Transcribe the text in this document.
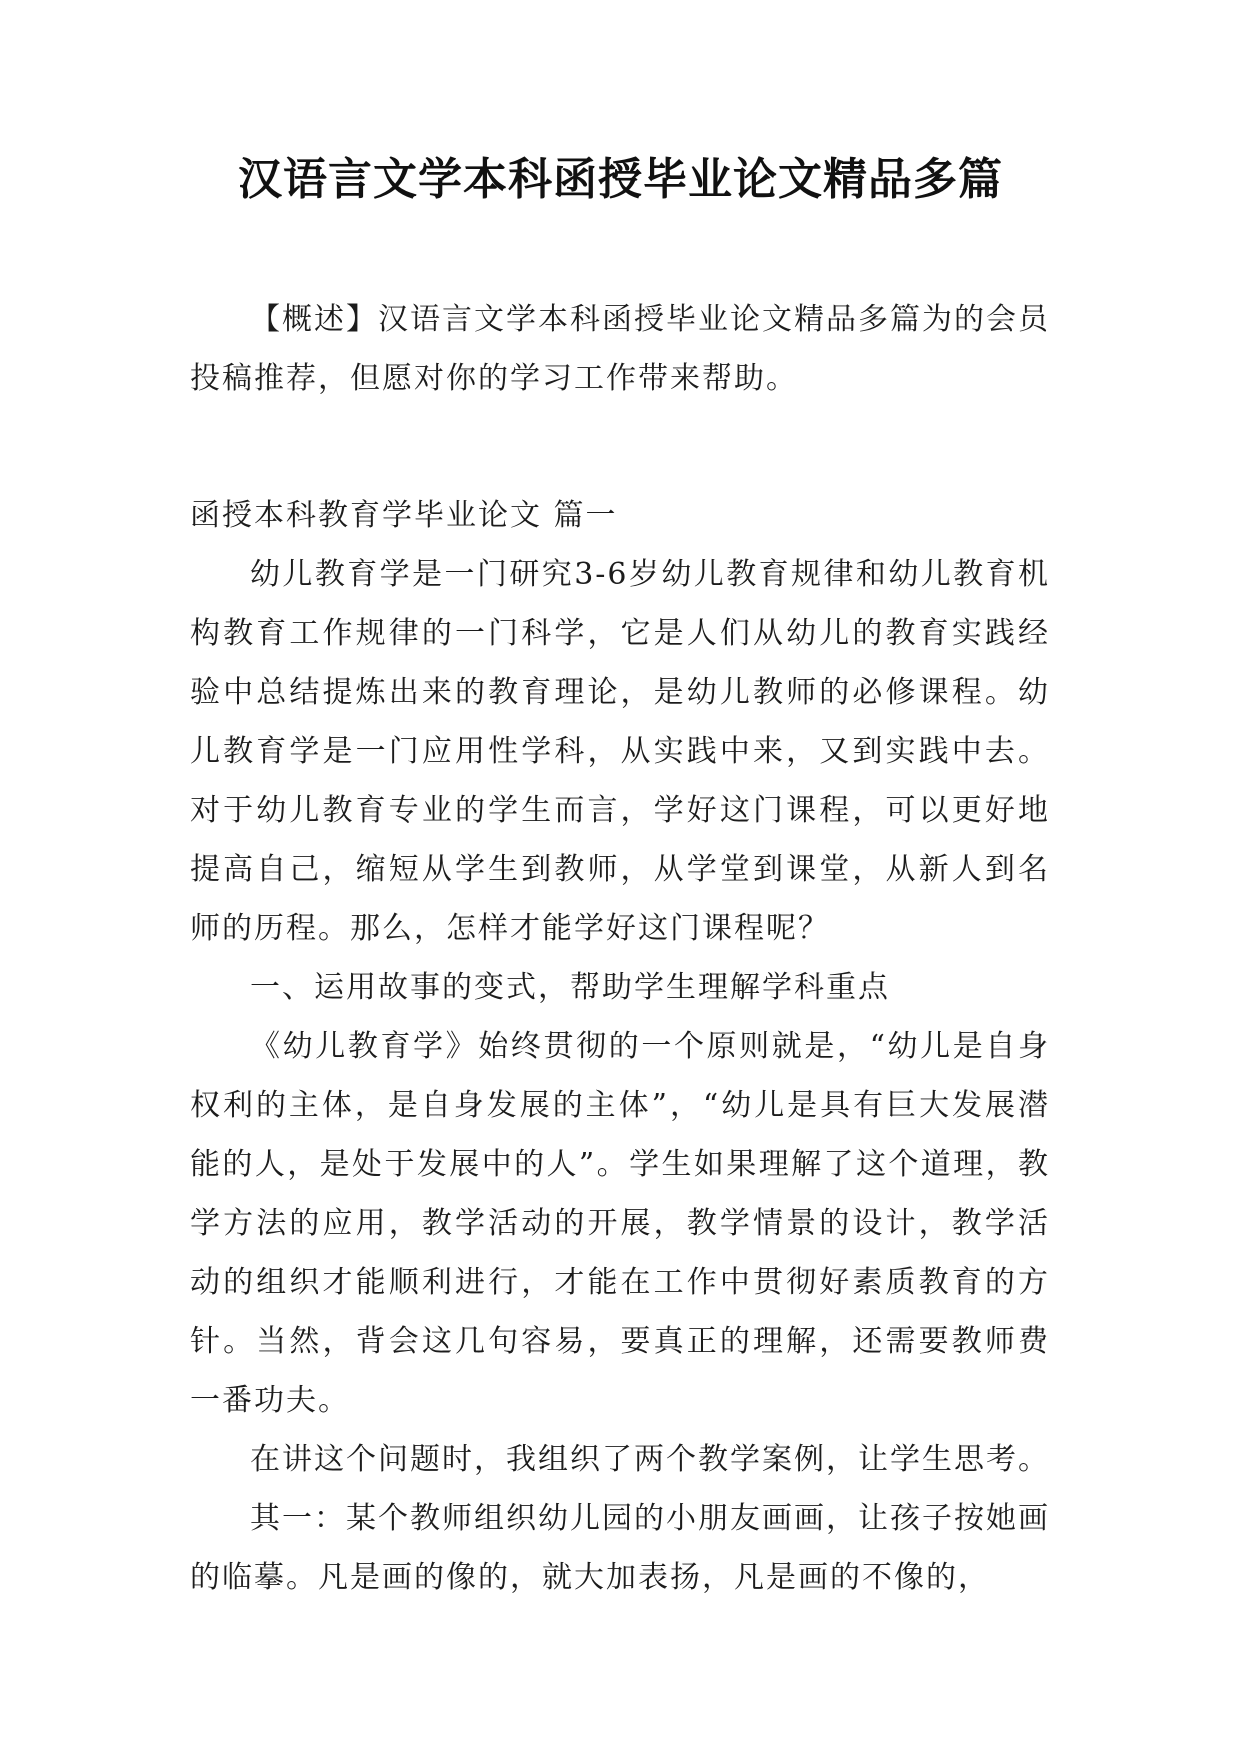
汉语言文学本科函授毕业论文精品多篇

【概述】汉语言文学本科函授毕业论文精品多篇为的会员投稿推荐，但愿对你的学习工作带来帮助。

函授本科教育学毕业论文 篇一

幼儿教育学是一门研究3-6岁幼儿教育规律和幼儿教育机构教育工作规律的一门科学，它是人们从幼儿的教育实践经验中总结提炼出来的教育理论，是幼儿教师的必修课程。幼儿教育学是一门应用性学科，从实践中来，又到实践中去。对于幼儿教育专业的学生而言，学好这门课程，可以更好地提高自己，缩短从学生到教师，从学堂到课堂，从新人到名师的历程。那么，怎样才能学好这门课程呢？

一、运用故事的变式，帮助学生理解学科重点

《幼儿教育学》始终贯彻的一个原则就是，“幼儿是自身权利的主体，是自身发展的主体”，“幼儿是具有巨大发展潜能的人，是处于发展中的人”。学生如果理解了这个道理，教学方法的应用，教学活动的开展，教学情景的设计，教学活动的组织才能顺利进行，才能在工作中贯彻好素质教育的方针。当然，背会这几句容易，要真正的理解，还需要教师费一番功夫。

在讲这个问题时，我组织了两个教学案例，让学生思考。

其一：某个教师组织幼儿园的小朋友画画，让孩子按她画的临摹。凡是画的像的，就大加表扬，凡是画的不像的，
